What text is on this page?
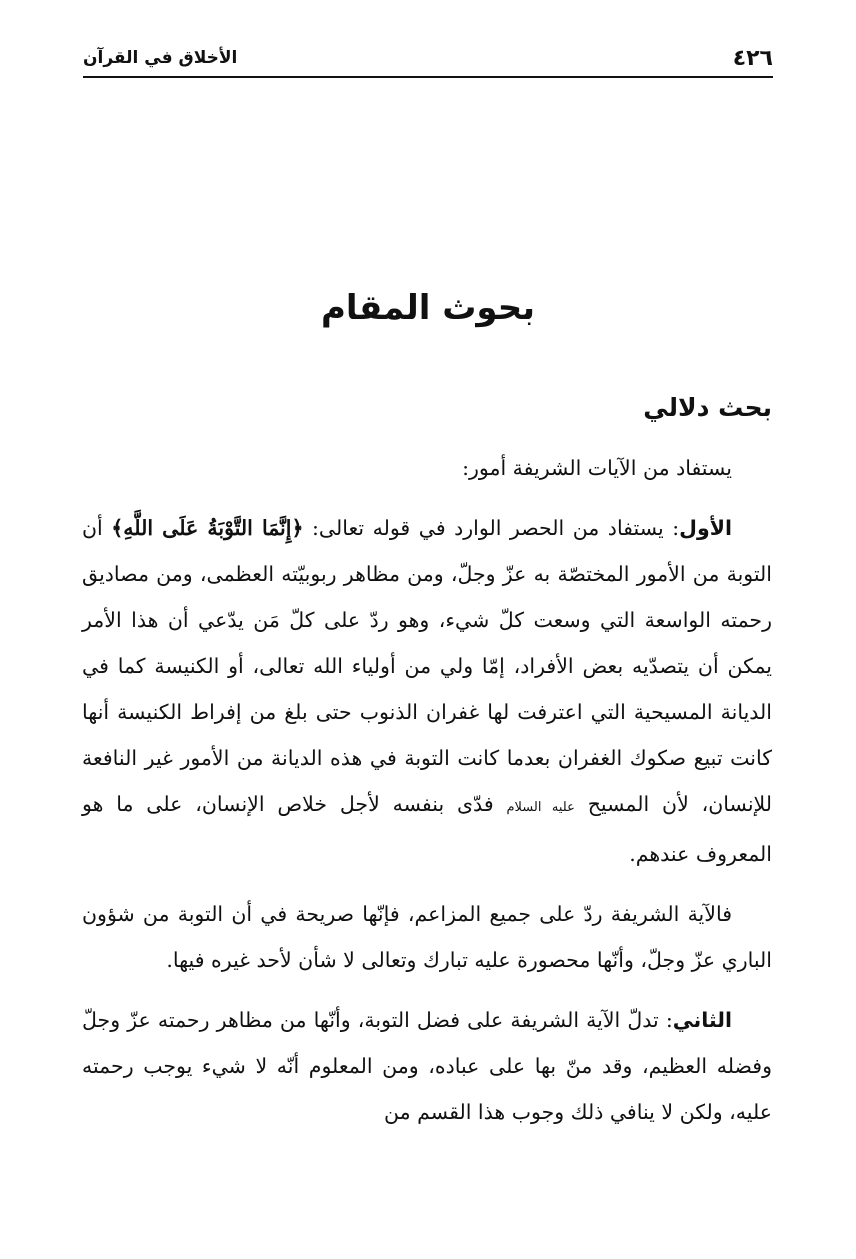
٤٢٦
الأخلاق في القرآن
بحوث المقام
بحث دلالي

يستفاد من الآيات الشريفة أمور:

الأول: يستفاد من الحصر الوارد في قوله تعالى: ﴿إِنَّمَا التَّوْبَةُ عَلَى اللَّهِ﴾ أن التوبة من الأمور المختصّة به عزّ وجلّ، ومن مظاهر ربوبيّته العظمى، ومن مصاديق رحمته الواسعة التي وسعت كلّ شيء، وهو ردّ على كلّ مَن يدّعي أن هذا الأمر يمكن أن يتصدّيه بعض الأفراد، إمّا ولي من أولياء الله تعالى، أو الكنيسة كما في الديانة المسيحية التي اعترفت لها غفران الذنوب حتى بلغ من إفراط الكنيسة أنها كانت تبيع صكوك الغفران بعدما كانت التوبة في هذه الديانة من الأمور غير النافعة للإنسان، لأن المسيح عليه السلام فدّى بنفسه لأجل خلاص الإنسان، على ما هو المعروف عندهم.

فالآية الشريفة ردّ على جميع المزاعم، فإنّها صريحة في أن التوبة من شؤون الباري عزّ وجلّ، وأنّها محصورة عليه تبارك وتعالى لا شأن لأحد غيره فيها.

الثاني: تدلّ الآية الشريفة على فضل التوبة، وأنّها من مظاهر رحمته عزّ وجلّ وفضله العظيم، وقد منّ بها على عباده، ومن المعلوم أنّه لا شيء يوجب رحمته عليه، ولكن لا ينافي ذلك وجوب هذا القسم من
